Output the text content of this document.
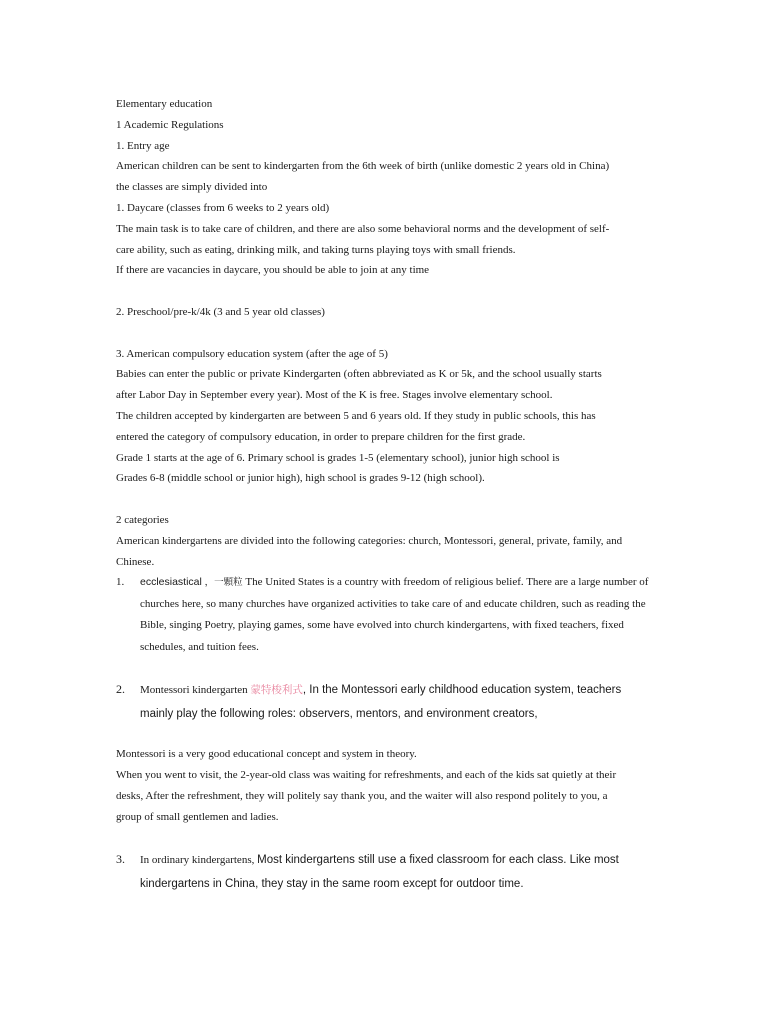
Elementary education

1 Academic Regulations

1. Entry age

American children can be sent to kindergarten from the 6th week of birth (unlike domestic 2 years old in China)

the classes are simply divided into

1. Daycare (classes from 6 weeks to 2 years old)

The main task is to take care of children, and there are also some behavioral norms and the development of self-

care ability, such as eating, drinking milk, and taking turns playing toys with small friends.

If there are vacancies in daycare, you should be able to join at any time

2. Preschool/pre-k/4k (3 and 5 year old classes)

3. American compulsory education system (after the age of 5)

Babies can enter the public or private Kindergarten (often abbreviated as K or 5k, and the school usually starts

after Labor Day in September every year). Most of the K is free. Stages involve elementary school.

The children accepted by kindergarten are between 5 and 6 years old. If they study in public schools, this has

entered the category of compulsory education, in order to prepare children for the first grade.

Grade 1 starts at the age of 6. Primary school is grades 1-5 (elementary school), junior high school is

Grades 6-8 (middle school or junior high), high school is grades 9-12 (high school).

2 categories

American kindergartens are divided into the following categories: church, Montessori, general, private, family, and

Chinese.

1.	ecclesiastical ，一顆粒 The United States is a country with freedom of religious belief. There are a large number of churches here, so many churches have organized activities to take care of and educate children, such as reading the Bible, singing Poetry, playing games, some have evolved into church kindergartens, with fixed teachers, fixed schedules, and tuition fees.
2.	Montessori kindergarten 蒙特梭利式, In the Montessori early childhood education system, teachers mainly play the following roles: observers, mentors, and environment creators,

Montessori is a very good educational concept and system in theory.

When you went to visit, the 2-year-old class was waiting for refreshments, and each of the kids sat quietly at their

desks, After the refreshment, they will politely say thank you, and the waiter will also respond politely to you, a

group of small gentlemen and ladies.

3.	In ordinary kindergartens, Most kindergartens still use a fixed classroom for each class. Like most kindergartens in China, they stay in the same room except for outdoor time.
